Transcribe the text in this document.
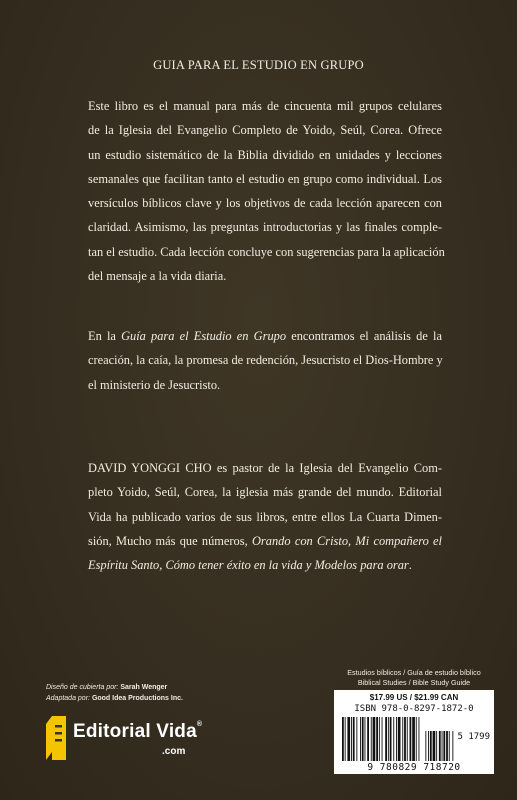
GUIA PARA EL ESTUDIO EN GRUPO
Este libro es el manual para más de cincuenta mil grupos celulares
de la Iglesia del Evangelio Completo de Yoido, Seúl, Corea. Ofrece
un estudio sistemático de la Biblia dividido en unidades y lecciones
semanales que facilitan tanto el estudio en grupo como individual. Los
versículos bíblicos clave y los objetivos de cada lección aparecen con
claridad. Asimismo, las preguntas introductorias y las finales comple-
tan el estudio. Cada lección concluye con sugerencias para la aplicación
del mensaje a la vida diaria.
En la Guía para el Estudio en Grupo encontramos el análisis de la
creación, la caía, la promesa de redención, Jesucristo el Dios-Hombre y
el ministerio de Jesucristo.
DAVID YONGGI CHO es pastor de la Iglesia del Evangelio Com-
pleto Yoido, Seúl, Corea, la iglesia más grande del mundo. Editorial
Vida ha publicado varios de sus libros, entre ellos La Cuarta Dimen-
sión, Mucho más que números, Orando con Cristo, Mi compañero el
Espíritu Santo, Cómo tener éxito en la vida y Modelos para orar.
Diseño de cubierta por: Sarah Wenger
Adaptada por: Good Idea Productions Inc.
Editorial Vida®
.com
Estudios bíblicos / Guía de estudio bíblico
Biblical Studies / Bible Study Guide
$17.99 US / $21.99 CAN
ISBN 978-0-8297-1872-0
5 1799
9 780829 718720
